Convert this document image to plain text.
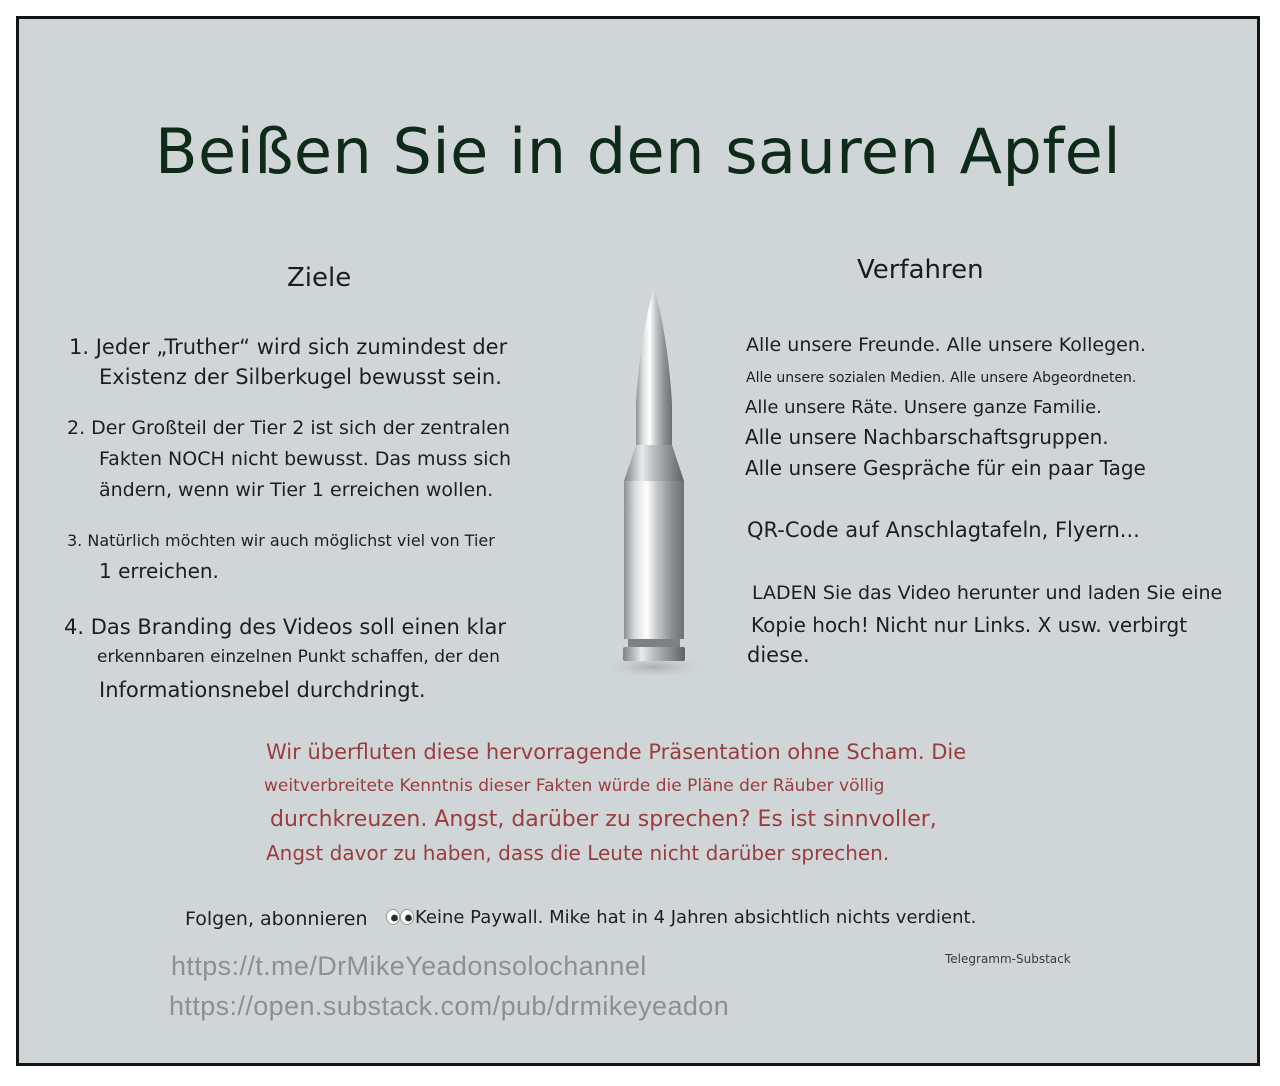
Beißen Sie in den sauren Apfel
Ziele
1. Jeder „Truther“ wird sich zumindest der
Existenz der Silberkugel bewusst sein.
2. Der Großteil der Tier 2 ist sich der zentralen
Fakten NOCH nicht bewusst. Das muss sich
ändern, wenn wir Tier 1 erreichen wollen.
3. Natürlich möchten wir auch möglichst viel von Tier
1 erreichen.
4. Das Branding des Videos soll einen klar
erkennbaren einzelnen Punkt schaffen, der den
Informationsnebel durchdringt.
Verfahren
Alle unsere Freunde. Alle unsere Kollegen.
Alle unsere sozialen Medien. Alle unsere Abgeordneten.
Alle unsere Räte. Unsere ganze Familie.
Alle unsere Nachbarschaftsgruppen.
Alle unsere Gespräche für ein paar Tage
QR-Code auf Anschlagtafeln, Flyern...
LADEN Sie das Video herunter und laden Sie eine
Kopie hoch! Nicht nur Links. X usw. verbirgt
diese.
Wir überfluten diese hervorragende Präsentation ohne Scham. Die
weitverbreitete Kenntnis dieser Fakten würde die Pläne der Räuber völlig
durchkreuzen. Angst, darüber zu sprechen? Es ist sinnvoller,
Angst davor zu haben, dass die Leute nicht darüber sprechen.
Folgen, abonnieren	Keine Paywall. Mike hat in 4 Jahren absichtlich nichts verdient.
https://t.me/DrMikeYeadonsolochannel
https://open.substack.com/pub/drmikeyeadon
Telegramm-Substack
